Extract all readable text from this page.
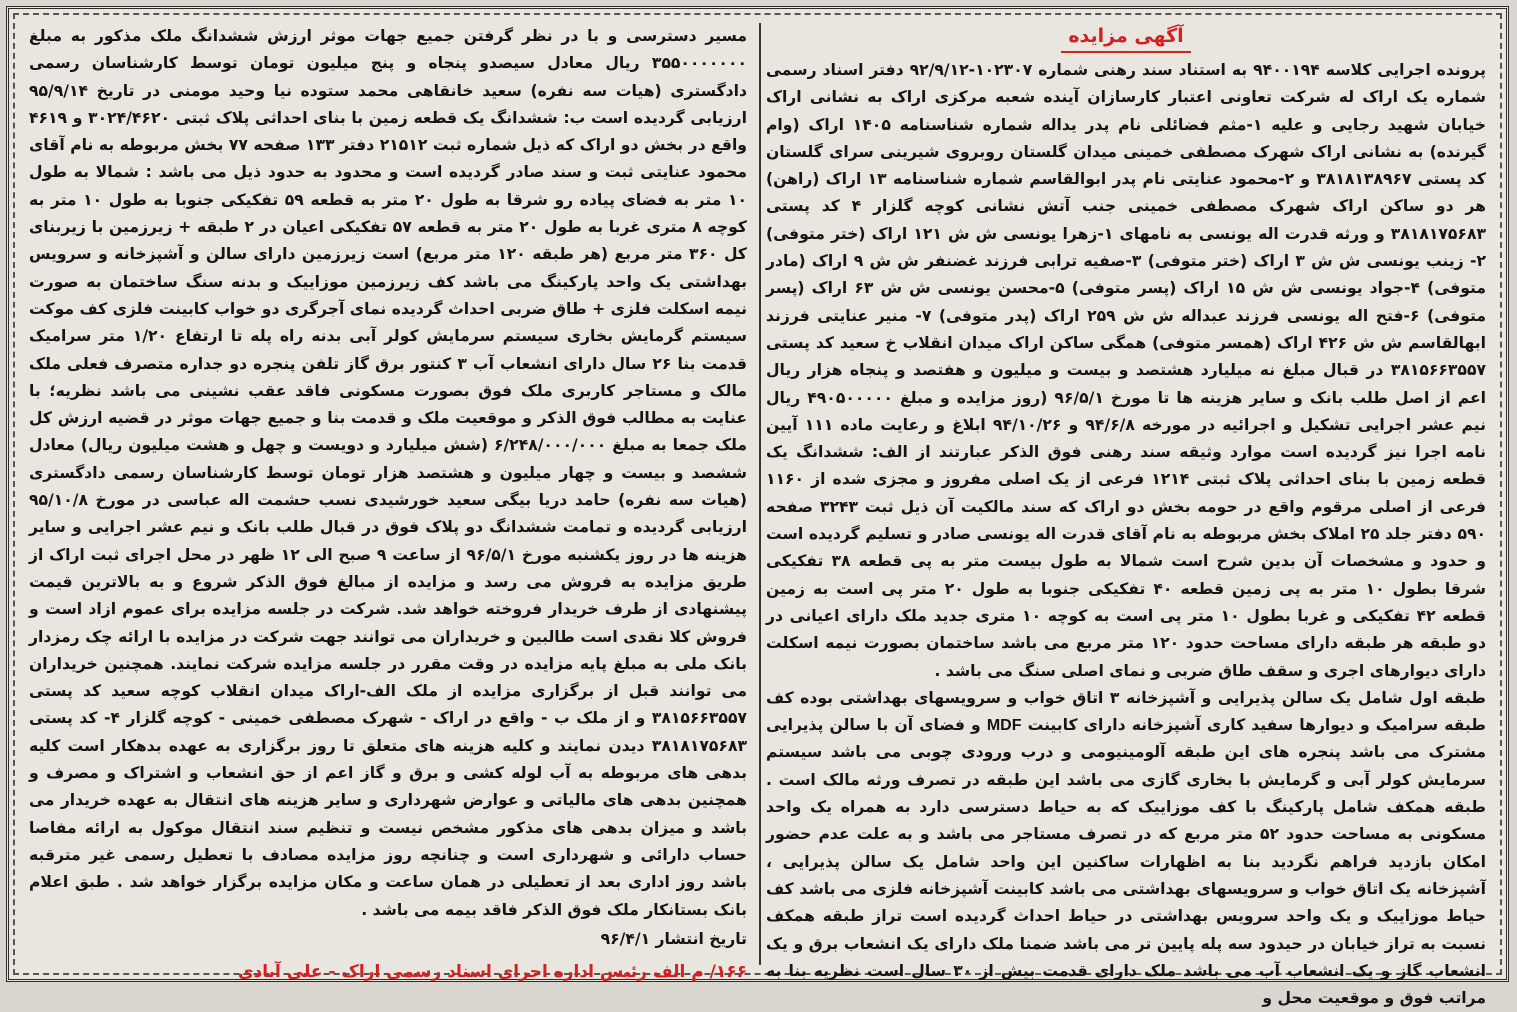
آگهی مزایده

پرونده اجرایی کلاسه ۹۴۰۰۱۹۴ به استناد سند رهنی شماره ۱۰۲۳۰۷-۹۲/۹/۱۲ دفتر اسناد رسمی شماره یک اراک له شرکت تعاونی اعتبار کارسازان آینده شعبه مرکزی اراک به نشانی اراک خیابان شهید رجایی و علیه ۱-مثم فضائلی نام پدر یداله شماره شناسنامه ۱۴۰۵ اراک (وام گیرنده) به نشانی اراک شهرک مصطفی خمینی میدان گلستان روبروی شیرینی سرای گلستان کد پستی ۳۸۱۸۱۳۸۹۶۷ و ۲-محمود عنایتی نام پدر ابوالقاسم شماره شناسنامه ۱۳ اراک (راهن) هر دو ساکن اراک شهرک مصطفی خمینی جنب آتش نشانی کوچه گلزار ۴ کد پستی ۳۸۱۸۱۷۵۶۸۳ و ورثه قدرت اله یونسی به نامهای ۱-زهرا یونسی ش ش ۱۲۱ اراک (ختر متوفی) ۲- زینب یونسی ش ش ۳ اراک (ختر متوفی) ۳-صفیه ترابی فرزند غضنفر ش ش ۹ اراک (مادر متوفی) ۴-جواد یونسی ش ش ۱۵ اراک (پسر متوفی) ۵-محسن یونسی ش ش ۶۳ اراک (پسر متوفی) ۶-فتح اله یونسی فرزند عبداله ش ش ۲۵۹ اراک (پدر متوفی) ۷- منیر عنایتی فرزند ابهالقاسم ش ش ۴۲۶ اراک (همسر متوفی) همگی ساکن اراک میدان انقلاب خ سعید کد پستی ۳۸۱۵۶۶۳۵۵۷ در قبال مبلغ نه میلیارد هشتصد و بیست و میلیون و هفتصد و پنجاه هزار ریال اعم از اصل طلب بانک و سایر هزینه ها تا مورخ ۹۶/۵/۱ (روز مزایده و مبلغ ۴۹۰۵۰۰۰۰۰ ریال نیم عشر اجرایی تشکیل و اجرائیه در مورخه ۹۴/۶/۸ و ۹۴/۱۰/۲۶ ابلاغ و رعایت ماده ۱۱۱ آیین نامه اجرا نیز گردیده است موارد وثیقه سند رهنی فوق الذکر عبارتند از الف: ششدانگ یک قطعه زمین با بنای احداثی پلاک ثبتی ۱۲۱۴ فرعی از یک اصلی مفروز و مجزی شده از ۱۱۶۰ فرعی از اصلی مرقوم واقع در حومه بخش دو اراک که سند مالکیت آن ذیل ثبت ۳۲۴۳ صفحه ۵۹۰ دفتر جلد ۲۵ املاک بخش مربوطه به نام آقای قدرت اله یونسی صادر و تسلیم گردیده است و حدود و مشخصات آن بدین شرح است شمالا به طول بیست متر به پی قطعه ۳۸ تفکیکی شرقا بطول ۱۰ متر به پی زمین قطعه ۴۰ تفکیکی جنوبا به طول ۲۰ متر پی است به زمین قطعه ۴۲ تفکیکی و غربا بطول ۱۰ متر پی است به کوچه ۱۰ متری جدید ملک دارای اعیانی در دو طبقه هر طبقه دارای مساحت حدود ۱۲۰ متر مربع می باشد ساختمان بصورت نیمه اسکلت دارای دیوارهای اجری و سقف طاق ضربی و نمای اصلی سنگ می باشد .

طبقه اول شامل یک سالن پذیرایی و آشپزخانه ۳ اتاق خواب و سرویسهای بهداشتی بوده کف طبقه سرامیک و دیوارها سفید کاری آشپزخانه دارای کابینت MDF و فضای آن با سالن پذیرایی مشترک می باشد پنجره های این طبقه آلومینیومی و درب ورودی چوبی می باشد سیستم سرمایش کولر آبی و گرمایش با بخاری گازی می باشد این طبقه در تصرف ورثه مالک است . طبقه همکف شامل پارکینگ با کف موزاییک که به حیاط دسترسی دارد به همراه یک واحد مسکونی به مساحت حدود ۵۲ متر مربع که در تصرف مستاجر می باشد و به علت عدم حضور امکان بازدید فراهم نگردید بنا به اظهارات ساکنین این واحد شامل یک سالن پذیرایی ، آشپزخانه یک اتاق خواب و سرویسهای بهداشتی می باشد کابینت آشپزخانه فلزی می باشد کف حیاط موزاییک و یک واحد سرویس بهداشتی در حیاط احداث گردیده است تراز طبقه همکف نسبت به تراز خیابان در حیدود سه پله پایین تر می باشد ضمنا ملک دارای یک انشعاب برق و یک انشعاب گاز و یک انشعاب آب می باشد ملک دارای قدمت بیش از ۳۰ سال است نظریه بنا به مراتب فوق و موقعیت محل و

مسیر دسترسی و با در نظر گرفتن جمیع جهات موثر ارزش ششدانگ ملک مذکور به مبلغ ۳۵۵۰۰۰۰۰۰۰ ریال معادل سیصدو پنجاه و پنج میلیون تومان توسط کارشناسان رسمی دادگستری (هیات سه نفره) سعید خانقاهی محمد ستوده نیا وحید مومنی در تاریخ ۹۵/۹/۱۴ ارزیابی گردیده است ب: ششدانگ یک قطعه زمین با بنای احداثی پلاک ثبتی ۳۰۲۴/۴۶۲۰ و ۴۶۱۹ واقع در بخش دو اراک که ذیل شماره ثبت ۲۱۵۱۲ دفتر ۱۳۳ صفحه ۷۷ بخش مربوطه به نام آقای محمود عنایتی ثبت و سند صادر گردیده است و محدود به حدود ذیل می باشد : شمالا به طول ۱۰ متر به فضای پیاده رو شرقا به طول ۲۰ متر به قطعه ۵۹ تفکیکی جنوبا به طول ۱۰ متر به کوچه ۸ متری غربا به طول ۲۰ متر به قطعه ۵۷ تفکیکی اعیان در ۲ طبقه + زیرزمین با زیربنای کل ۳۶۰ متر مربع (هر طبقه ۱۲۰ متر مربع) است زیرزمین دارای سالن و آشپزخانه و سرویس بهداشتی یک واحد پارکینگ می باشد کف زیرزمین موزاییک و بدنه سنگ ساختمان به صورت نیمه اسکلت فلزی + طاق ضربی احداث گردیده نمای آجرگری دو خواب کابینت فلزی کف موکت سیستم گرمایش بخاری سیستم سرمایش کولر آبی بدنه راه پله تا ارتفاع ۱/۲۰ متر سرامیک قدمت بنا ۲۶ سال دارای انشعاب آب ۳ کنتور برق گاز تلفن پنجره دو جداره متصرف فعلی ملک مالک و مستاجر کاربری ملک فوق بصورت مسکونی فاقد عقب نشینی می باشد نظریه؛ با عنایت به مطالب فوق الذکر و موقعیت ملک و قدمت بنا و جمیع جهات موثر در قضیه ارزش کل ملک جمعا به مبلغ ۶/۲۴۸/۰۰۰/۰۰۰ (شش میلیارد و دویست و چهل و هشت میلیون ریال) معادل ششصد و بیست و چهار میلیون و هشتصد هزار تومان توسط کارشناسان رسمی دادگستری (هیات سه نفره) حامد دریا بیگی سعید خورشیدی نسب حشمت اله عباسی در مورخ ۹۵/۱۰/۸ ارزیابی گردیده و تمامت ششدانگ دو پلاک فوق در قبال طلب بانک و نیم عشر اجرایی و سایر هزینه ها در روز یکشنبه مورخ ۹۶/۵/۱ از ساعت ۹ صبح الی ۱۲ ظهر در محل اجرای ثبت اراک از طریق مزایده به فروش می رسد و مزایده از مبالغ فوق الذکر شروع و به بالاترین قیمت پیشنهادی از طرف خریدار فروخته خواهد شد. شرکت در جلسه مزایده برای عموم ازاد است و فروش کلا نقدی است طالبین و خریداران می توانند جهت شرکت در مزایده با ارائه چک رمزدار بانک ملی به مبلغ پایه مزایده در وقت مقرر در جلسه مزایده شرکت نمایند. همچنین خریداران می توانند قبل از برگزاری مزایده از ملک الف-اراک میدان انقلاب کوچه سعید کد پستی ۳۸۱۵۶۶۳۵۵۷ و از ملک ب - واقع در اراک - شهرک مصطفی خمینی - کوچه گلزار ۴- کد پستی ۳۸۱۸۱۷۵۶۸۳ دیدن نمایند و کلیه هزینه های متعلق تا روز برگزاری به عهده بدهکار است کلیه بدهی های مربوطه به آب لوله کشی و برق و گاز اعم از حق انشعاب و اشتراک و مصرف و همچنین بدهی های مالیاتی و عوارض شهرداری و سایر هزینه های انتقال به عهده خریدار می باشد و میزان بدهی های مذکور مشخص نیست و تنظیم سند انتقال موکول به ارائه مفاصا حساب دارائی و شهرداری است و چنانچه روز مزایده مصادف با تعطیل رسمی غیر مترقبه باشد روز اداری بعد از تعطیلی در همان ساعت و مکان مزایده برگزار خواهد شد . طبق اعلام بانک بستانکار ملک فوق الذکر فاقد بیمه می باشد .

تاریخ انتشار ۹۶/۴/۱

۱۶۶/ م الف رئیس اداره اجرای اسناد رسمی اراک - علی آبادی
